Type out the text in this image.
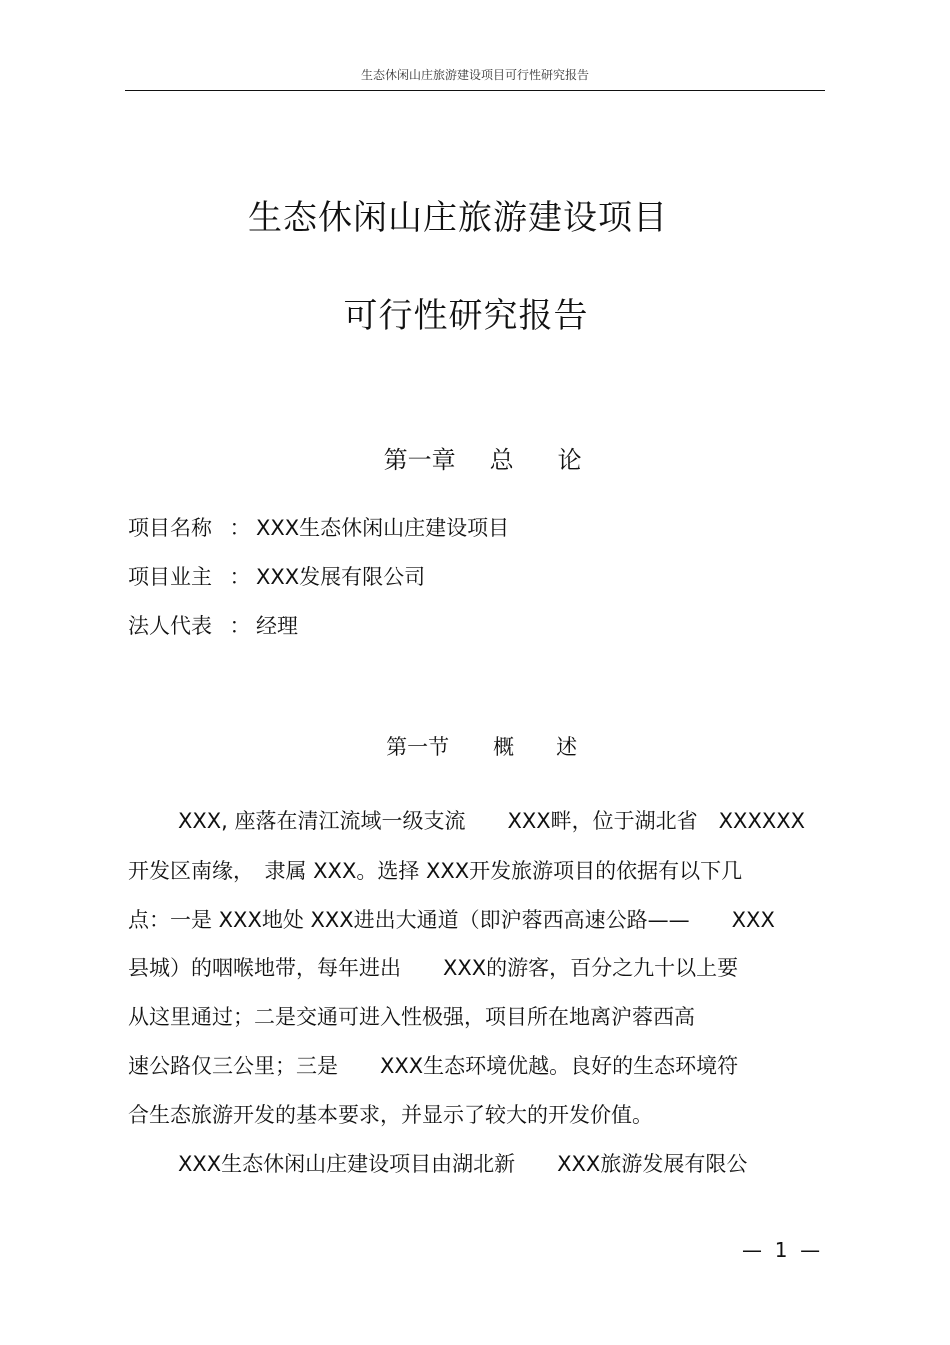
生态休闲山庄旅游建设项目可行性研究报告
生态休闲山庄旅游建设项目
可行性研究报告

第一章 总 论

项目名称 ： XXX生态休闲山庄建设项目
项目业主 ： XXX发展有限公司
法人代表 ： 经理

第一节 概 述

XXX, 座落在清江流域一级支流　　XXX畔，位于湖北省　XXXXXX
开发区南缘，　隶属 XXX。选择 XXX开发旅游项目的依据有以下几
点：一是 XXX地处 XXX进出大通道（即沪蓉西高速公路——　　XXX
县城）的咽喉地带，每年进出　　XXX的游客，百分之九十以上要
从这里通过；二是交通可进入性极强，项目所在地离沪蓉西高
速公路仅三公里；三是　　XXX生态环境优越。良好的生态环境符
合生态旅游开发的基本要求，并显示了较大的开发价值。
XXX生态休闲山庄建设项目由湖北新　　XXX旅游发展有限公
—  1  —
